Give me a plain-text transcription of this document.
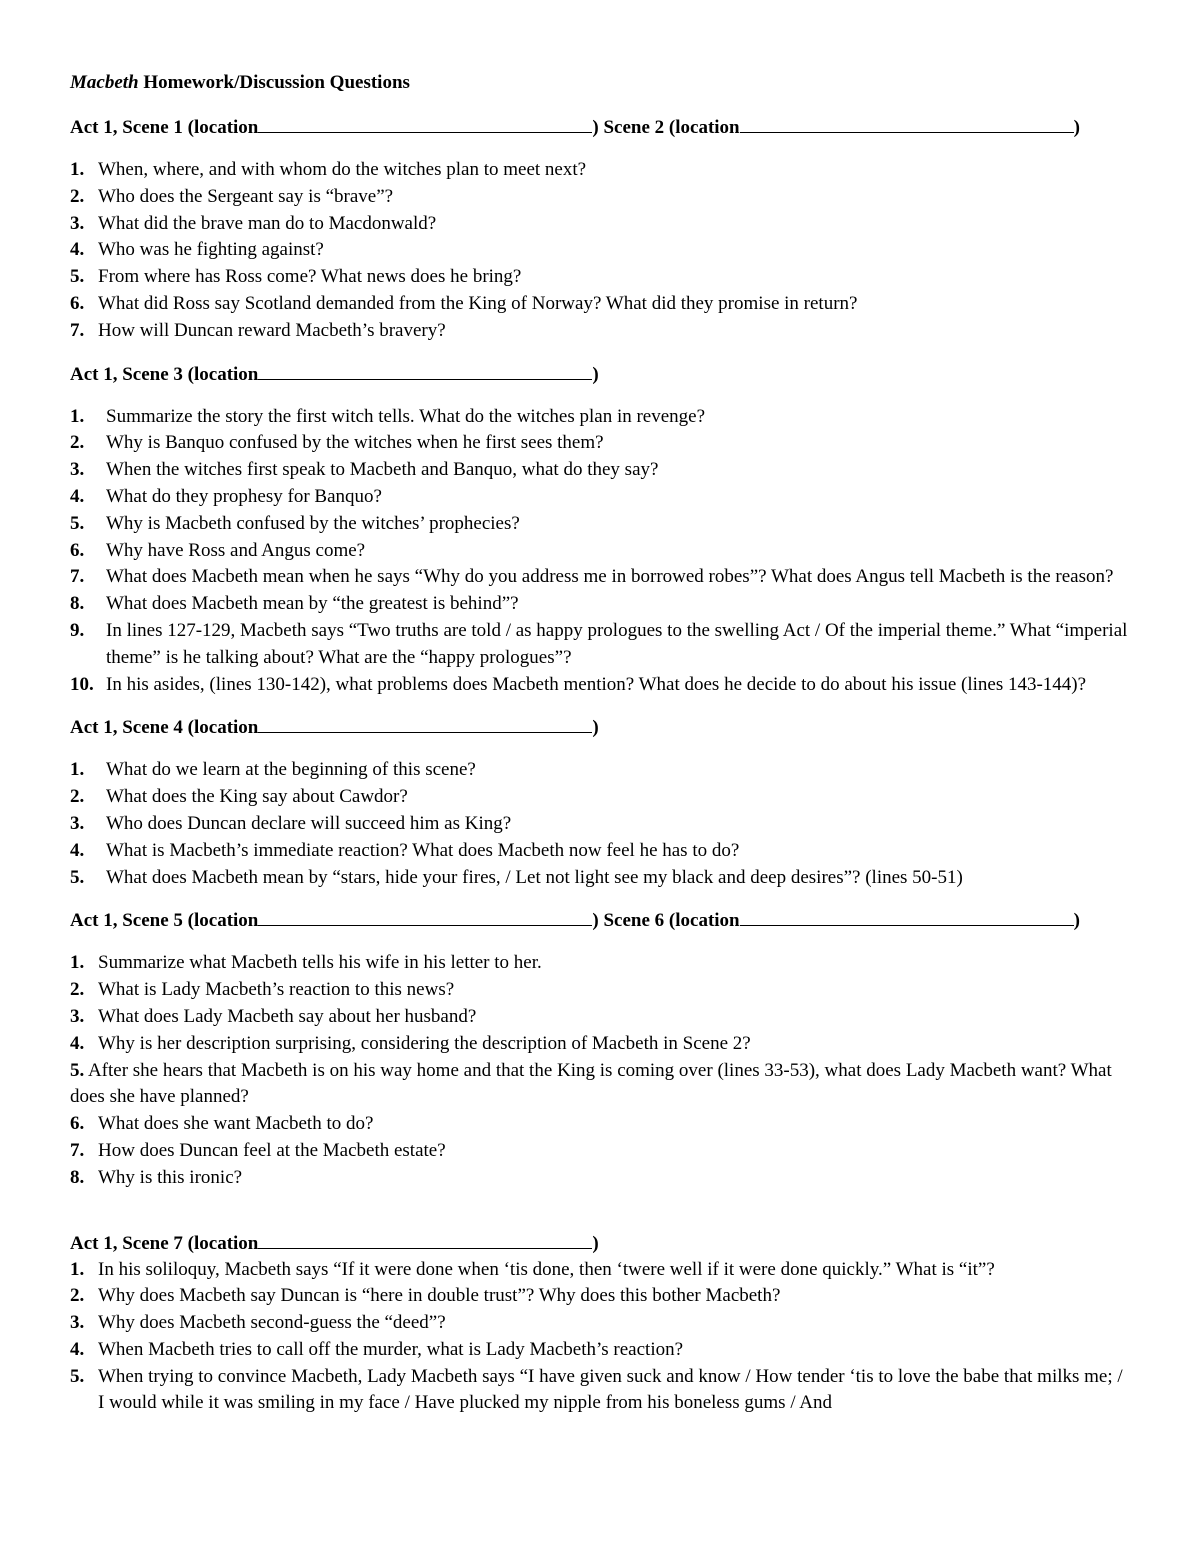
Macbeth Homework/Discussion Questions
Act 1, Scene 1 (location	) Scene 2 (location	)
1. When, where, and with whom do the witches plan to meet next?
2. Who does the Sergeant say is “brave”?
3. What did the brave man do to Macdonwald?
4. Who was he fighting against?
5. From where has Ross come? What news does he bring?
6. What did Ross say Scotland demanded from the King of Norway? What did they promise in return?
7. How will Duncan reward Macbeth’s bravery?
Act 1, Scene 3 (location	)
1. Summarize the story the first witch tells. What do the witches plan in revenge?
2. Why is Banquo confused by the witches when he first sees them?
3. When the witches first speak to Macbeth and Banquo, what do they say?
4. What do they prophesy for Banquo?
5. Why is Macbeth confused by the witches’ prophecies?
6. Why have Ross and Angus come?
7. What does Macbeth mean when he says “Why do you address me in borrowed robes”? What does Angus tell Macbeth is the reason?
8. What does Macbeth mean by “the greatest is behind”?
9. In lines 127-129, Macbeth says “Two truths are told / as happy prologues to the swelling Act / Of the imperial theme.” What “imperial theme” is he talking about? What are the “happy prologues”?
10. In his asides, (lines 130-142), what problems does Macbeth mention? What does he decide to do about his issue (lines 143-144)?
Act 1, Scene 4 (location	)
1. What do we learn at the beginning of this scene?
2. What does the King say about Cawdor?
3. Who does Duncan declare will succeed him as King?
4. What is Macbeth’s immediate reaction? What does Macbeth now feel he has to do?
5. What does Macbeth mean by “stars, hide your fires, / Let not light see my black and deep desires”? (lines 50-51)
Act 1, Scene 5 (location	) Scene 6 (location	)
1. Summarize what Macbeth tells his wife in his letter to her.
2. What is Lady Macbeth’s reaction to this news?
3. What does Lady Macbeth say about her husband?
4. Why is her description surprising, considering the description of Macbeth in Scene 2?
5. After she hears that Macbeth is on his way home and that the King is coming over (lines 33-53), what does Lady Macbeth want? What does she have planned?
6. What does she want Macbeth to do?
7. How does Duncan feel at the Macbeth estate?
8. Why is this ironic?
Act 1, Scene 7 (location	)
1. In his soliloquy, Macbeth says “If it were done when ‘tis done, then ‘twere well if it were done quickly.” What is “it”?
2. Why does Macbeth say Duncan is “here in double trust”? Why does this bother Macbeth?
3. Why does Macbeth second-guess the “deed”?
4. When Macbeth tries to call off the murder, what is Lady Macbeth’s reaction?
5. When trying to convince Macbeth, Lady Macbeth says “I have given suck and know / How tender ‘tis to love the babe that milks me; / I would while it was smiling in my face / Have plucked my nipple from his boneless gums / And
